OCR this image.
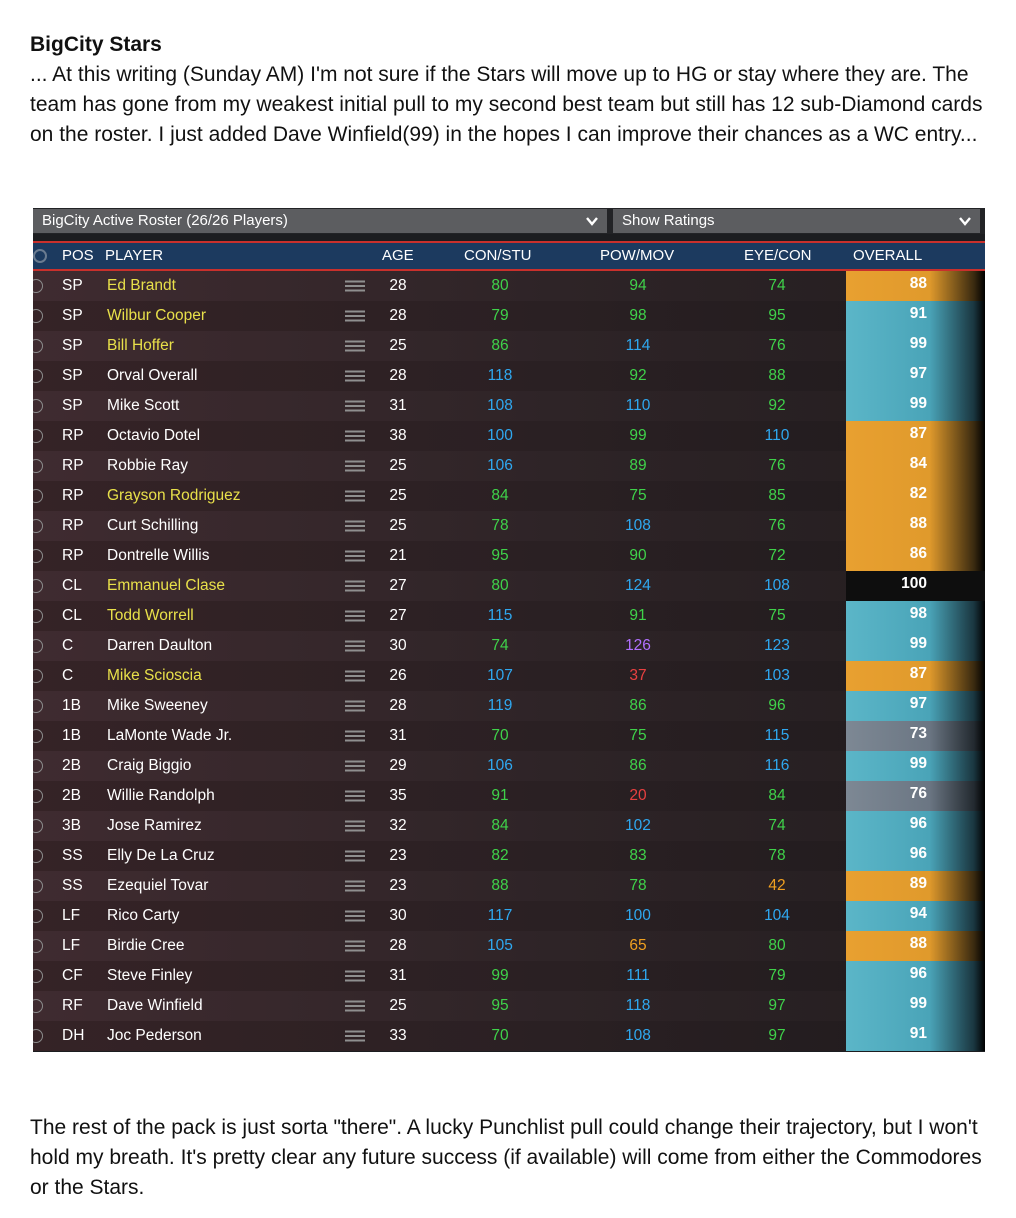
BigCity Stars
... At this writing (Sunday AM) I'm not sure if the Stars will move up to HG or stay where they are. The team has gone from my weakest initial pull to my second best team but still has 12 sub-Diamond cards on the roster. I just added Dave Winfield(99) in the hopes I can improve their chances as a WC entry...
BigCity Active Roster (26/26 Players)	Show Ratings
POS PLAYER	AGE	CON/STU	POW/MOV	EYE/CON	OVERALL
SP Ed Brandt	28	80	94	74	88
SP Wilbur Cooper	28	79	98	95	91
SP Bill Hoffer	25	86	114	76	99
SP Orval Overall	28	118	92	88	97
SP Mike Scott	31	108	110	92	99
RP Octavio Dotel	38	100	99	110	87
RP Robbie Ray	25	106	89	76	84
RP Grayson Rodriguez	25	84	75	85	82
RP Curt Schilling	25	78	108	76	88
RP Dontrelle Willis	21	95	90	72	86
CL Emmanuel Clase	27	80	124	108	100
CL Todd Worrell	27	115	91	75	98
C Darren Daulton	30	74	126	123	99
C Mike Scioscia	26	107	37	103	87
1B Mike Sweeney	28	119	86	96	97
1B LaMonte Wade Jr.	31	70	75	115	73
2B Craig Biggio	29	106	86	116	99
2B Willie Randolph	35	91	20	84	76
3B Jose Ramirez	32	84	102	74	96
SS Elly De La Cruz	23	82	83	78	96
SS Ezequiel Tovar	23	88	78	42	89
LF Rico Carty	30	117	100	104	94
LF Birdie Cree	28	105	65	80	88
CF Steve Finley	31	99	111	79	96
RF Dave Winfield	25	95	118	97	99
DH Joc Pederson	33	70	108	97	91
The rest of the pack is just sorta "there". A lucky Punchlist pull could change their trajectory, but I won't hold my breath. It's pretty clear any future success (if available) will come from either the Commodores or the Stars.
